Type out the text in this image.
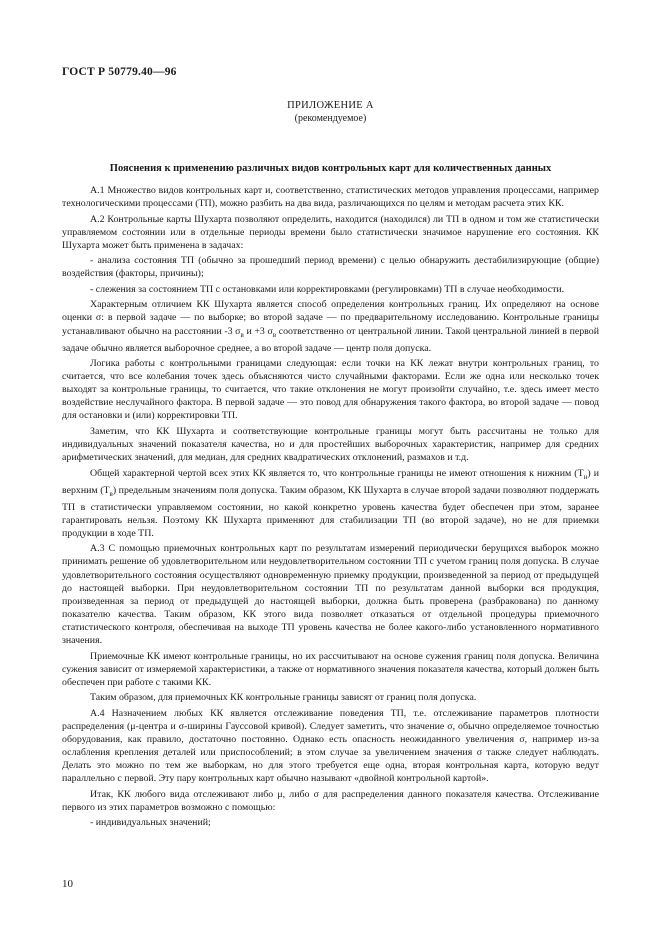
ГОСТ Р 50779.40—96
ПРИЛОЖЕНИЕ А
(рекомендуемое)
Пояснения к применению различных видов контрольных карт для количественных данных

А.1 Множество видов контрольных карт и, соответственно, статистических методов управления процессами, например технологическими процессами (ТП), можно разбить на два вида, различающихся по целям и методам расчета этих КК.

А.2 Контрольные карты Шухарта позволяют определить, находится (находился) ли ТП в одном и том же статистически управляемом состоянии или в отдельные периоды времени было статистически значимое нарушение его состояния. КК Шухарта может быть применена в задачах:

- анализа состояния ТП (обычно за прошедший период времени) с целью обнаружить дестабилизирующие (общие) воздействия (факторы, причины);

- слежения за состоянием ТП с остановками или корректировками (регулировками) ТП в случае необходимости.

Характерным отличием КК Шухарта является способ определения контрольных границ. Их определяют на основе оценки σ: в первой задаче — по выборке; во второй задаче — по предварительному исследованию. Контрольные границы устанавливают обычно на расстоянии -3 $\sigma_в$ и +3 $\sigma_в$ соответственно от центральной линии. Такой центральной линией в первой задаче обычно является выборочное среднее, а во второй задаче — центр поля допуска.

Логика работы с контрольными границами следующая: если точки на КК лежат внутри контрольных границ, то считается, что все колебания точек здесь объясняются чисто случайными факторами. Если же одна или несколько точек выходят за контрольные границы, то считается, что такие отклонения не могут произойти случайно, т.е. здесь имеет место воздействие неслучайного фактора. В первой задаче — это повод для обнаружения такого фактора, во второй задаче — повод для остановки и (или) корректировки ТП.

Заметим, что КК Шухарта и соответствующие контрольные границы могут быть рассчитаны не только для индивидуальных значений показателя качества, но и для простейших выборочных характеристик, например для средних арифметических значений, для медиан, для средних квадратических отклонений, размахов и т.д.

Общей характерной чертой всех этих КК является то, что контрольные границы не имеют отношения к нижним $(T_н)$ и верхним $(T_в)$ предельным значениям поля допуска. Таким образом, КК Шухарта в случае второй задачи позволяют поддержать ТП в статистически управляемом состоянии, но какой конкретно уровень качества будет обеспечен при этом, заранее гарантировать нельзя. Поэтому КК Шухарта применяют для стабилизации ТП (во второй задаче), но не для приемки продукции в ходе ТП.

А.3 С помощью приемочных контрольных карт по результатам измерений периодически берущихся выборок можно принимать решение об удовлетворительном или неудовлетворительном состоянии ТП с учетом границ поля допуска. В случае удовлетворительного состояния осуществляют одновременную приемку продукции, произведенной за период от предыдущей до настоящей выборки. При неудовлетворительном состоянии ТП по результатам данной выборки вся продукция, произведенная за период от предыдущей до настоящей выборки, должна быть проверена (разбракована) по данному показателю качества. Таким образом, КК этого вида позволяет отказаться от отдельной процедуры приемочного статистического контроля, обеспечивая на выходе ТП уровень качества не более какого-либо установленного нормативного значения.

Приемочные КК имеют контрольные границы, но их рассчитывают на основе сужения границ поля допуска. Величина сужения зависит от измеряемой характеристики, а также от нормативного значения показателя качества, который должен быть обеспечен при работе с такими КК.

Таким образом, для приемочных КК контрольные границы зависят от границ поля допуска.

А.4 Назначением любых КК является отслеживание поведения ТП, т.е. отслеживание параметров плотности распределения (μ-центра и σ-ширины Гауссовой кривой). Следует заметить, что значение σ, обычно определяемое точностью оборудования, как правило, достаточно постоянно. Однако есть опасность неожиданного увеличения σ, например из-за ослабления крепления деталей или приспособлений; в этом случае за увеличением значения σ также следует наблюдать. Делать это можно по тем же выборкам, но для этого требуется еще одна, вторая контрольная карта, которую ведут параллельно с первой. Эту пару контрольных карт обычно называют «двойной контрольной картой».

Итак, КК любого вида отслеживают либо μ, либо σ для распределения данного показателя качества. Отслеживание первого из этих параметров возможно с помощью:

- индивидуальных значений;

10
